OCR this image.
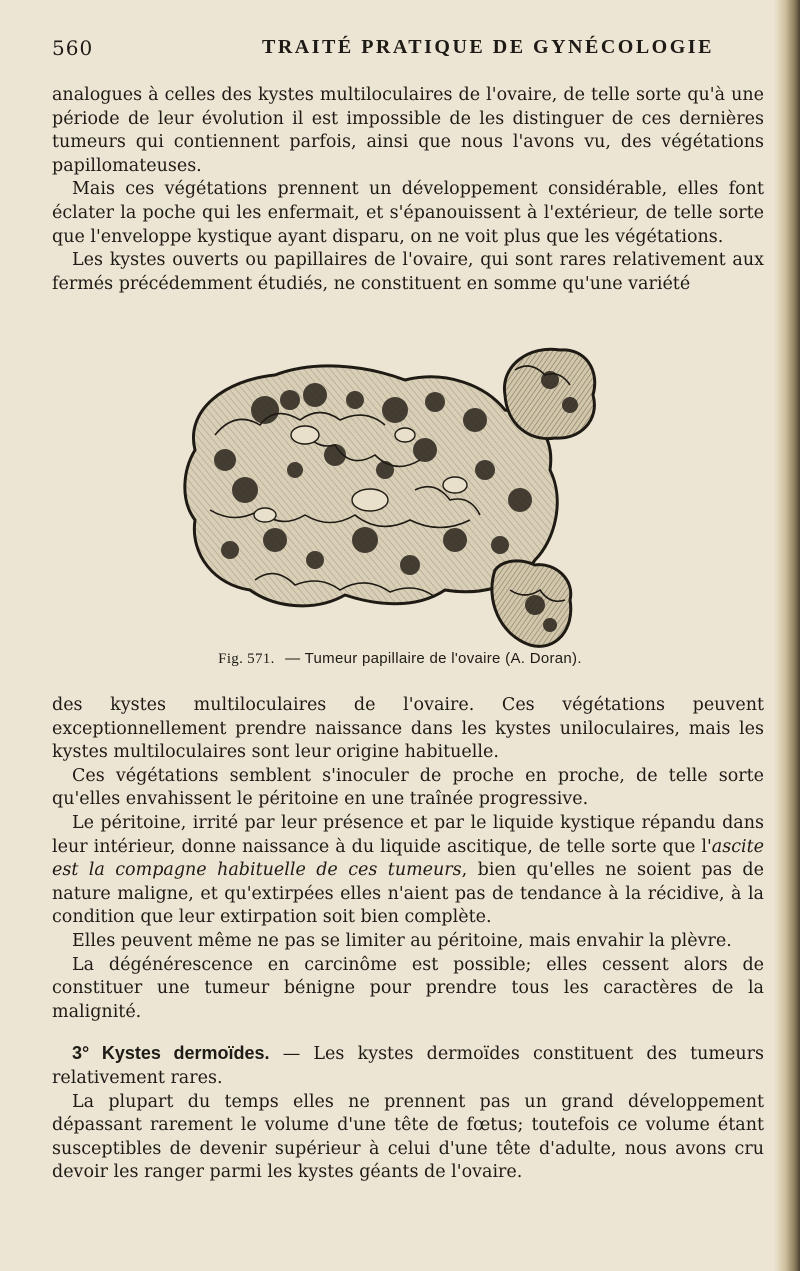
560	TRAITÉ PRATIQUE DE GYNÉCOLOGIE

analogues à celles des kystes multiloculaires de l'ovaire, de telle sorte qu'à une période de leur évolution il est impossible de les distinguer de ces dernières tumeurs qui contiennent parfois, ainsi que nous l'avons vu, des végétations papillomateuses.

Mais ces végétations prennent un développement considérable, elles font éclater la poche qui les enfermait, et s'épanouissent à l'extérieur, de telle sorte que l'enveloppe kystique ayant disparu, on ne voit plus que les végétations.

Les kystes ouverts ou papillaires de l'ovaire, qui sont rares relativement aux fermés précédemment étudiés, ne constituent en somme qu'une variété

Fig. 571. — Tumeur papillaire de l'ovaire (A. Doran).

des kystes multiloculaires de l'ovaire. Ces végétations peuvent exceptionnellement prendre naissance dans les kystes uniloculaires, mais les kystes multiloculaires sont leur origine habituelle.

Ces végétations semblent s'inoculer de proche en proche, de telle sorte qu'elles envahissent le péritoine en une traînée progressive.

Le péritoine, irrité par leur présence et par le liquide kystique répandu dans leur intérieur, donne naissance à du liquide ascitique, de telle sorte que l'ascite est la compagne habituelle de ces tumeurs, bien qu'elles ne soient pas de nature maligne, et qu'extirpées elles n'aient pas de tendance à la récidive, à la condition que leur extirpation soit bien complète.

Elles peuvent même ne pas se limiter au péritoine, mais envahir la plèvre.

La dégénérescence en carcinôme est possible; elles cessent alors de constituer une tumeur bénigne pour prendre tous les caractères de la malignité.

3° Kystes dermoïdes. — Les kystes dermoïdes constituent des tumeurs relativement rares.

La plupart du temps elles ne prennent pas un grand développement dépassant rarement le volume d'une tête de fœtus; toutefois ce volume étant susceptibles de devenir supérieur à celui d'une tête d'adulte, nous avons cru devoir les ranger parmi les kystes géants de l'ovaire.
